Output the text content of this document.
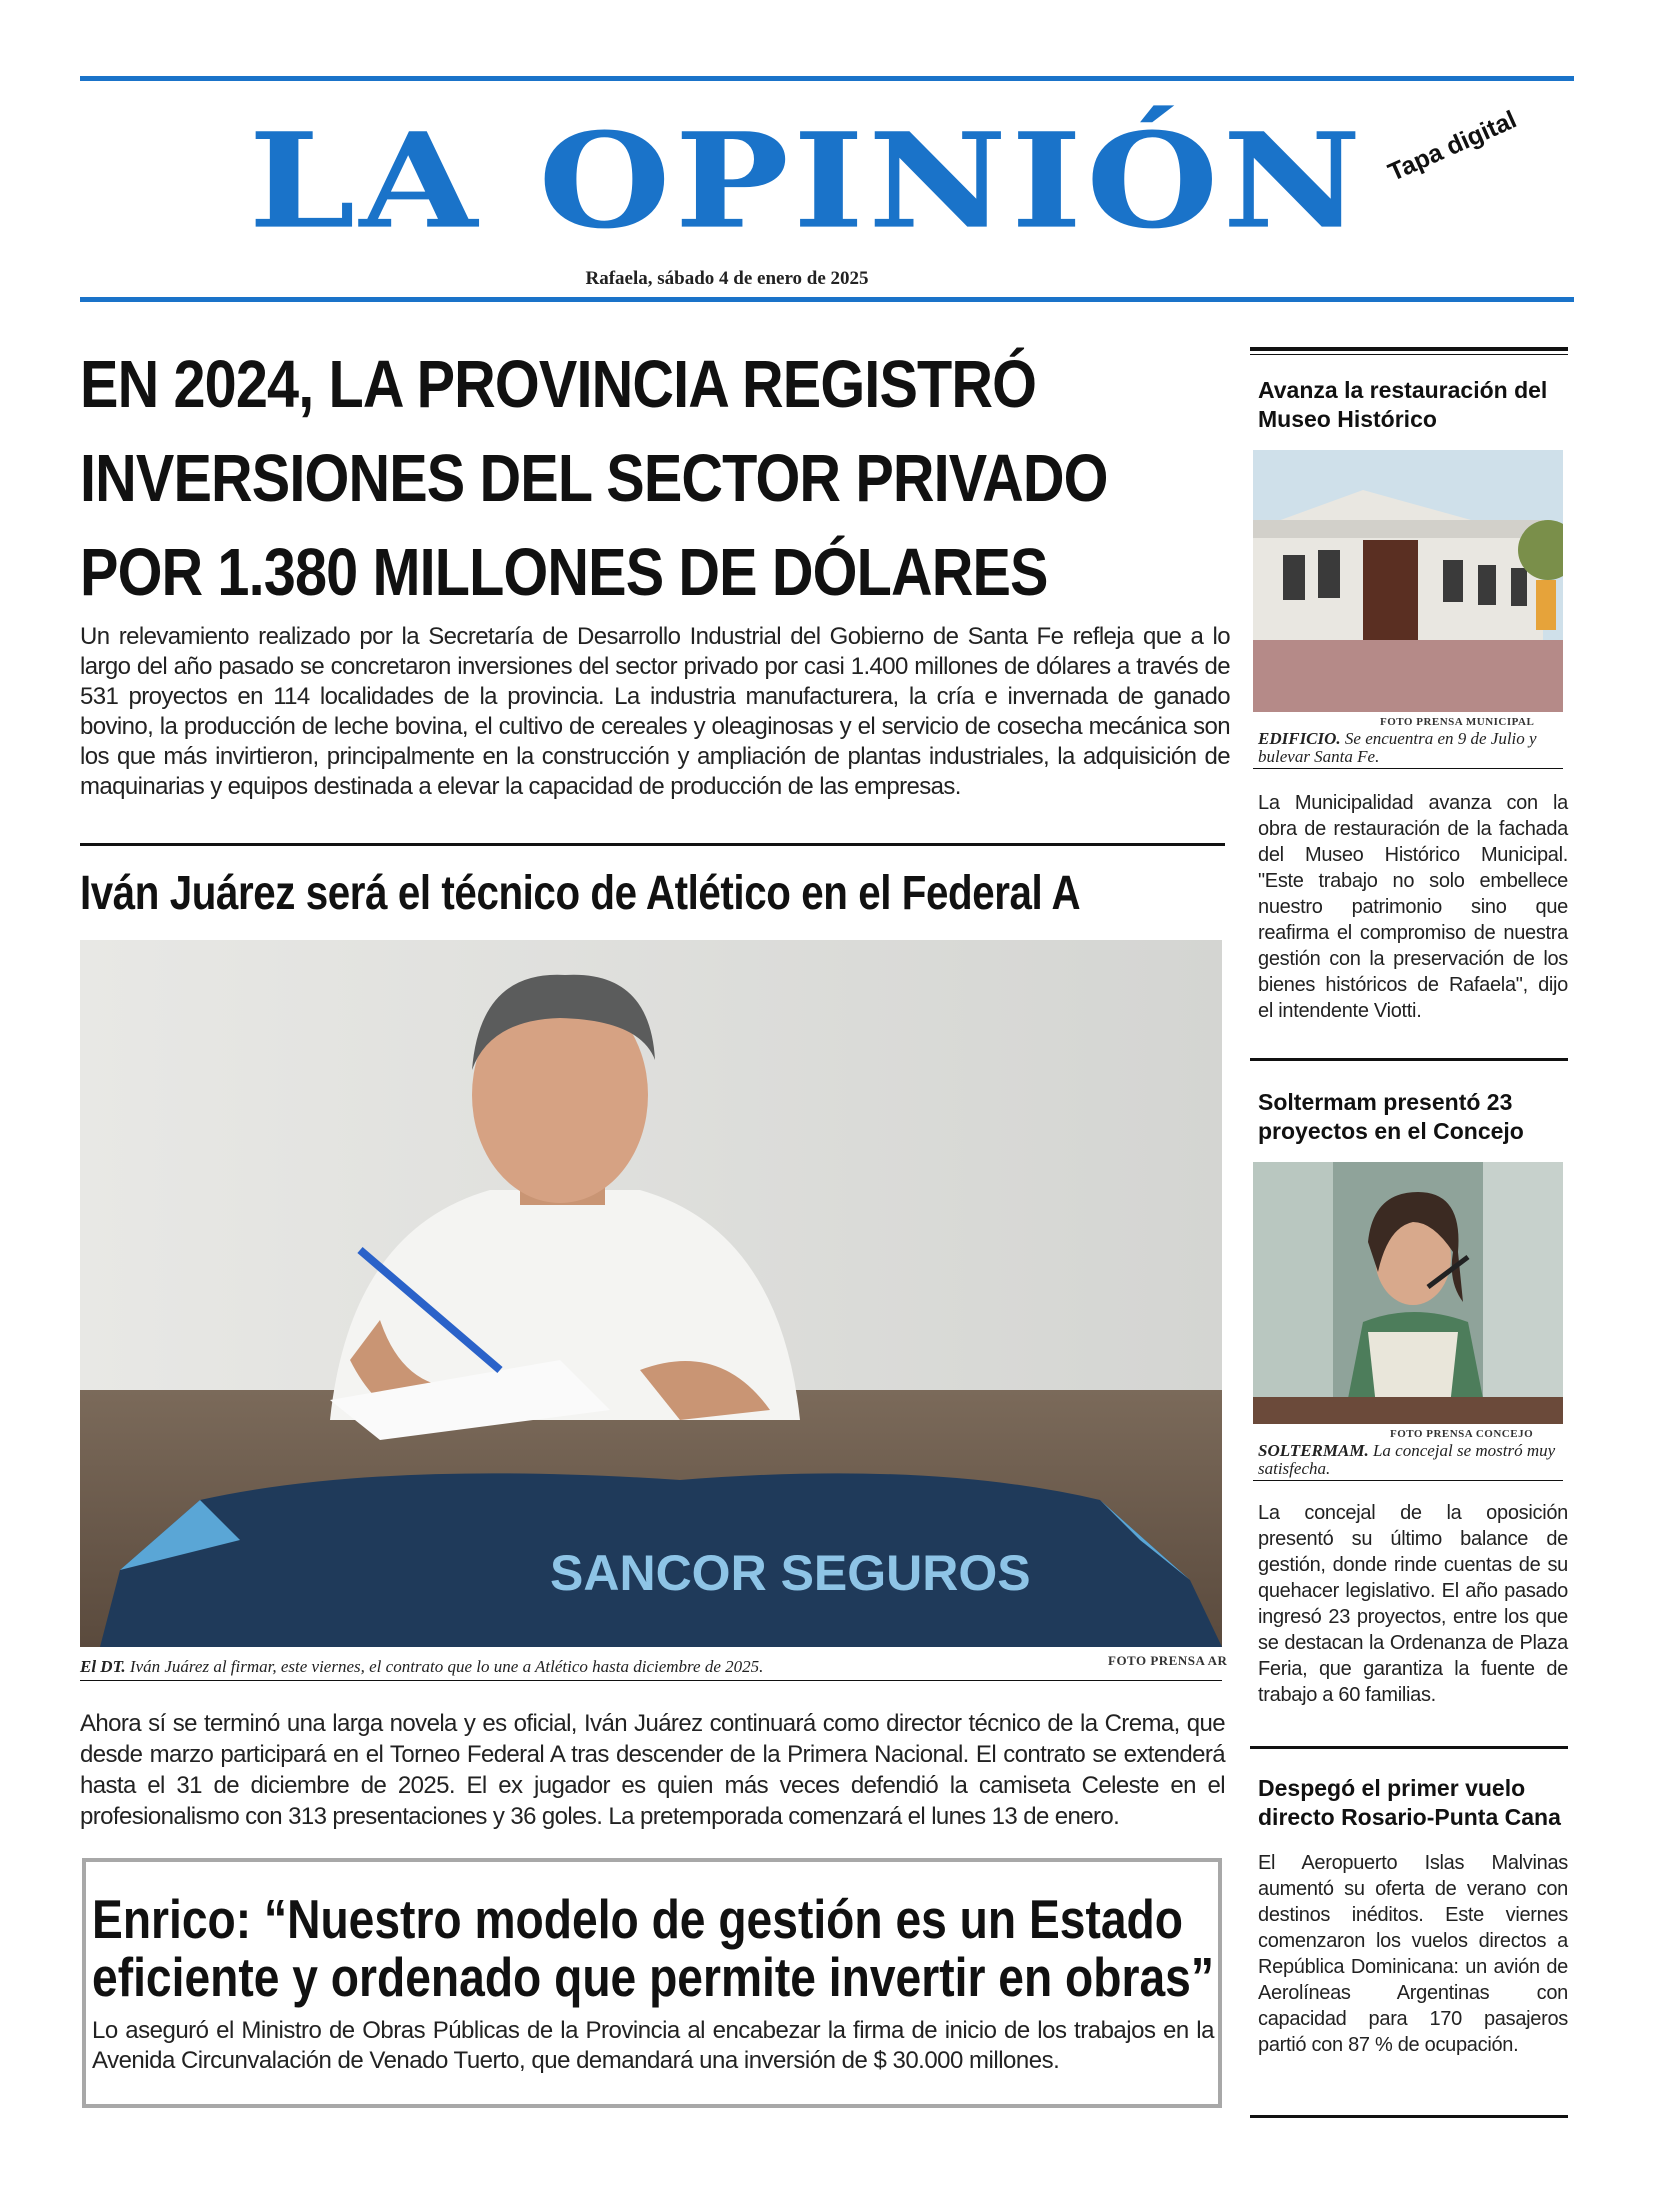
LA OPINIÓN Tapa digital
Rafaela, sábado 4 de enero de 2025
EN 2024, LA PROVINCIA REGISTRÓ
INVERSIONES DEL SECTOR PRIVADO
POR 1.380 MILLONES DE DÓLARES
Un relevamiento realizado por la Secretaría de Desarrollo Industrial del Gobierno de Santa Fe refleja que a lo largo del año pasado se concretaron inversiones del sector privado por casi 1.400 millones de dólares a través de 531 proyectos en 114 localidades de la provincia. La industria manufacturera, la cría e invernada de ganado bovino, la producción de leche bovina, el cultivo de cereales y oleaginosas y el servicio de cosecha mecánica son los que más invirtieron, principalmente en la construcción y ampliación de plantas industriales, la adquisición de maquinarias y equipos destinada a elevar la capacidad de producción de las empresas.
Iván Juárez será el técnico de Atlético en el Federal A
SANCOR SEGUROS
FOTO PRENSA AR
El DT. Iván Juárez al firmar, este viernes, el contrato que lo une a Atlético hasta diciembre de 2025.
Ahora sí se terminó una larga novela y es oficial, Iván Juárez continuará como director técnico de la Crema, que desde marzo participará en el Torneo Federal A tras descender de la Primera Nacional. El contrato se extenderá hasta el 31 de diciembre de 2025. El ex jugador es quien más veces defendió la camiseta Celeste en el profesionalismo con 313 presentaciones y 36 goles. La pretemporada comenzará el lunes 13 de enero.
Enrico: “Nuestro modelo de gestión es un Estado
eficiente y ordenado que permite invertir en obras”
Lo aseguró el Ministro de Obras Públicas de la Provincia al encabezar la firma de inicio de los trabajos en la Avenida Circunvalación de Venado Tuerto, que demandará una inversión de $ 30.000 millones.
Avanza la restauración del Museo Histórico
FOTO PRENSA MUNICIPAL
EDIFICIO. Se encuentra en 9 de Julio y bulevar Santa Fe.
La Municipalidad avanza con la obra de restauración de la fachada del Museo Histórico Municipal. "Este trabajo no solo embellece nuestro patrimonio sino que reafirma el compromiso de nuestra gestión con la preservación de los bienes históricos de Rafaela", dijo el intendente Viotti.
Soltermam presentó 23 proyectos en el Concejo
FOTO PRENSA CONCEJO
SOLTERMAM. La concejal se mostró muy satisfecha.
La concejal de la oposición presentó su último balance de gestión, donde rinde cuentas de su quehacer legislativo. El año pasado ingresó 23 proyectos, entre los que se destacan la Ordenanza de Plaza Feria, que garantiza la fuente de trabajo a 60 familias.
Despegó el primer vuelo directo Rosario-Punta Cana
El Aeropuerto Islas Malvinas aumentó su oferta de verano con destinos inéditos. Este viernes comenzaron los vuelos directos a República Dominicana: un avión de Aerolíneas Argentinas con capacidad para 170 pasajeros partió con 87 % de ocupación.
